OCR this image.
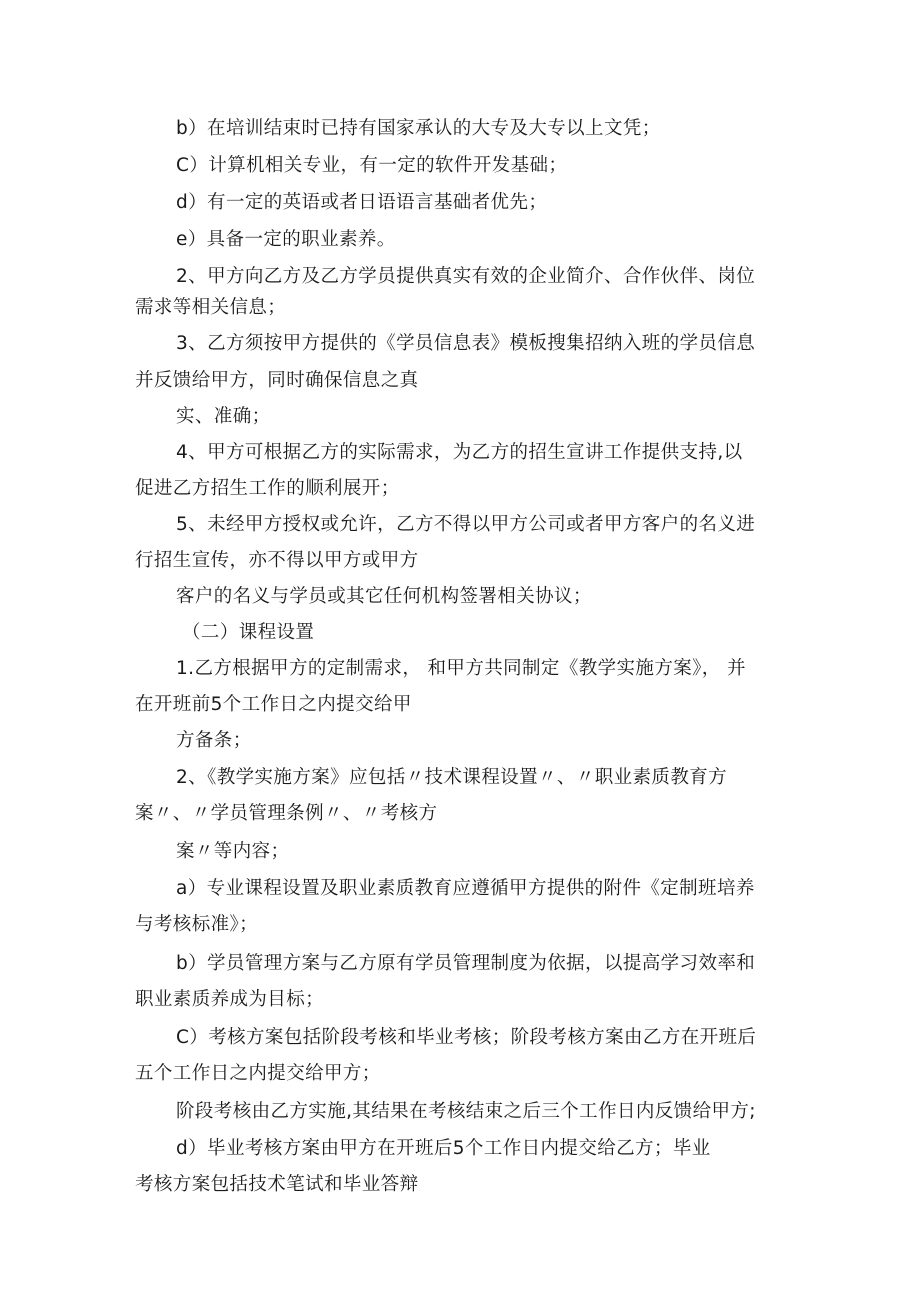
b）在培训结束时已持有国家承认的大专及大专以上文凭；
C）计算机相关专业，有一定的软件开发基础；
d）有一定的英语或者日语语言基础者优先；
e）具备一定的职业素养。
2、甲方向乙方及乙方学员提供真实有效的企业简介、合作伙伴、岗位
需求等相关信息；
3、乙方须按甲方提供的《学员信息表》模板搜集招纳入班的学员信息
并反馈给甲方，同时确保信息之真
实、准确；
4、甲方可根据乙方的实际需求，为乙方的招生宣讲工作提供支持,以
促进乙方招生工作的顺利展开；
5、未经甲方授权或允许，乙方不得以甲方公司或者甲方客户的名义进
行招生宣传，亦不得以甲方或甲方
客户的名义与学员或其它任何机构签署相关协议；
（二）课程设置
1.乙方根据甲方的定制需求， 和甲方共同制定《教学实施方案》， 并
在开班前5个工作日之内提交给甲
方备条；
2、《教学实施方案》应包括〃技术课程设置〃、〃职业素质教育方
案〃、〃学员管理条例〃、〃考核方
案〃等内容；
a）专业课程设置及职业素质教育应遵循甲方提供的附件《定制班培养
与考核标准》；
b）学员管理方案与乙方原有学员管理制度为依据，以提高学习效率和
职业素质养成为目标；
C）考核方案包括阶段考核和毕业考核；阶段考核方案由乙方在开班后
五个工作日之内提交给甲方；
阶段考核由乙方实施,其结果在考核结束之后三个工作日内反馈给甲方;
d）毕业考核方案由甲方在开班后5个工作日内提交给乙方；毕业
考核方案包括技术笔试和毕业答辩
